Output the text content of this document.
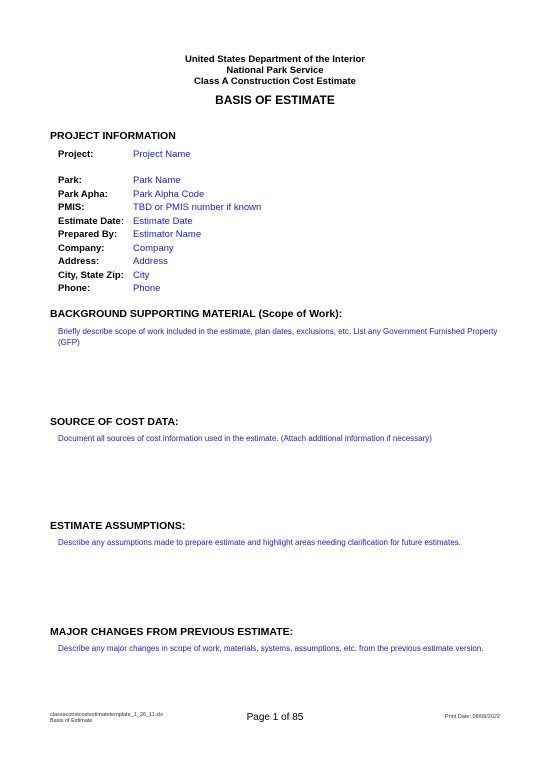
United States Department of the Interior
National Park Service
Class A Construction Cost Estimate
BASIS OF ESTIMATE
PROJECT INFORMATION
Project:	Project Name
Park:	Park Name
Park Apha:	Park Alpha Code
PMIS:	TBD or PMIS number if known
Estimate Date: Estimate Date
Prepared By: Estimator Name
Company:	Company
Address:	Address
City, State Zip: City
Phone:	Phone
BACKGROUND SUPPORTING MATERIAL (Scope of Work):
Briefly describe scope of work included in the estimate, plan dates, exclusions, etc. List any Government Furnished Property (GFP)
SOURCE OF COST DATA:
Document all sources of cost information used in the estimate. (Attach additional information if necessary)
ESTIMATE ASSUMPTIONS:
Describe any assumptions made to prepare estimate and highlight areas needing clarification for future estimates.
MAJOR CHANGES FROM PREVIOUS ESTIMATE:
Describe any major changes in scope of work, materials, systems, assumptions, etc. from the previous estimate version.
classaconstcostestimatetemplate_1_26_11.xls
Basis of Estimate	Page 1 of 85	Print Date: 08/08/2022
